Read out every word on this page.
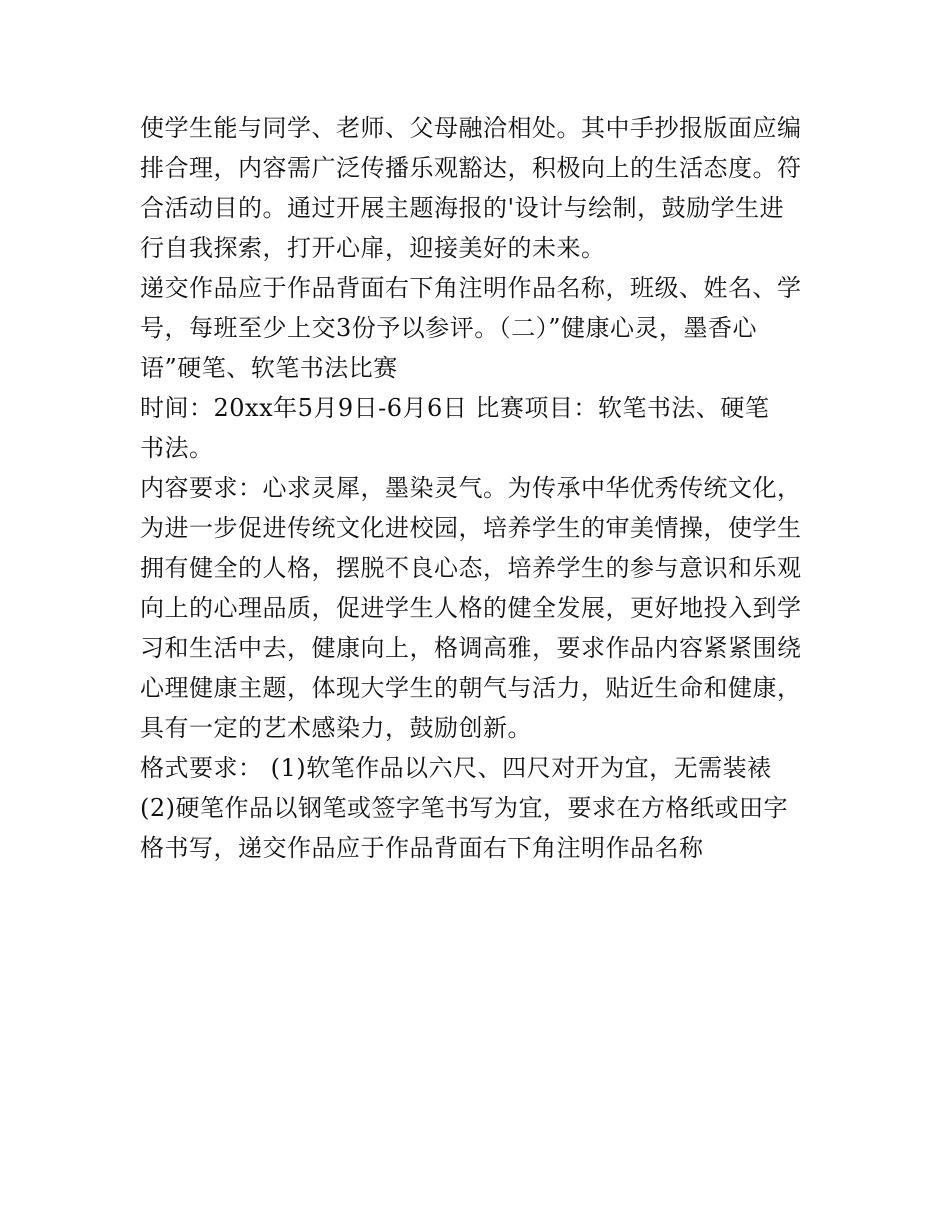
使学生能与同学、老师、父母融洽相处。其中手抄报版面应编
排合理，内容需广泛传播乐观豁达，积极向上的生活态度。符
合活动目的。通过开展主题海报的'设计与绘制，鼓励学生进
行自我探索，打开心扉，迎接美好的未来。
递交作品应于作品背面右下角注明作品名称，班级、姓名、学
号，每班至少上交3份予以参评。（二）”健康心灵，墨香心
语”硬笔、软笔书法比赛
时间：20xx年5月9日-6月6日 比赛项目：软笔书法、硬笔
书法。
内容要求：心求灵犀，墨染灵气。为传承中华优秀传统文化，
为进一步促进传统文化进校园，培养学生的审美情操，使学生
拥有健全的人格，摆脱不良心态，培养学生的参与意识和乐观
向上的心理品质，促进学生人格的健全发展，更好地投入到学
习和生活中去，健康向上，格调高雅，要求作品内容紧紧围绕
心理健康主题，体现大学生的朝气与活力，贴近生命和健康，
具有一定的艺术感染力，鼓励创新。
格式要求： (1)软笔作品以六尺、四尺对开为宜，无需装裱
(2)硬笔作品以钢笔或签字笔书写为宜，要求在方格纸或田字
格书写，递交作品应于作品背面右下角注明作品名称
